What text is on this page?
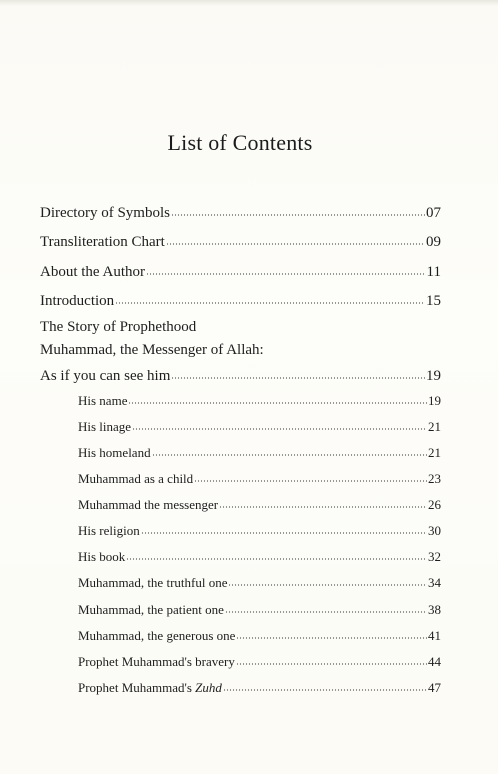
List of Contents
Directory of Symbols	07
Transliteration Chart	09
About the Author	11
Introduction	15
The Story of Prophethood
Muhammad, the Messenger of Allah:
As if you can see him	19
His name	19
His linage	21
His homeland	21
Muhammad as a child	23
Muhammad the messenger	26
His religion	30
His book	32
Muhammad, the truthful one	34
Muhammad, the patient one	38
Muhammad, the generous one	41
Prophet Muhammad's bravery	44
Prophet Muhammad's Zuhd	47
